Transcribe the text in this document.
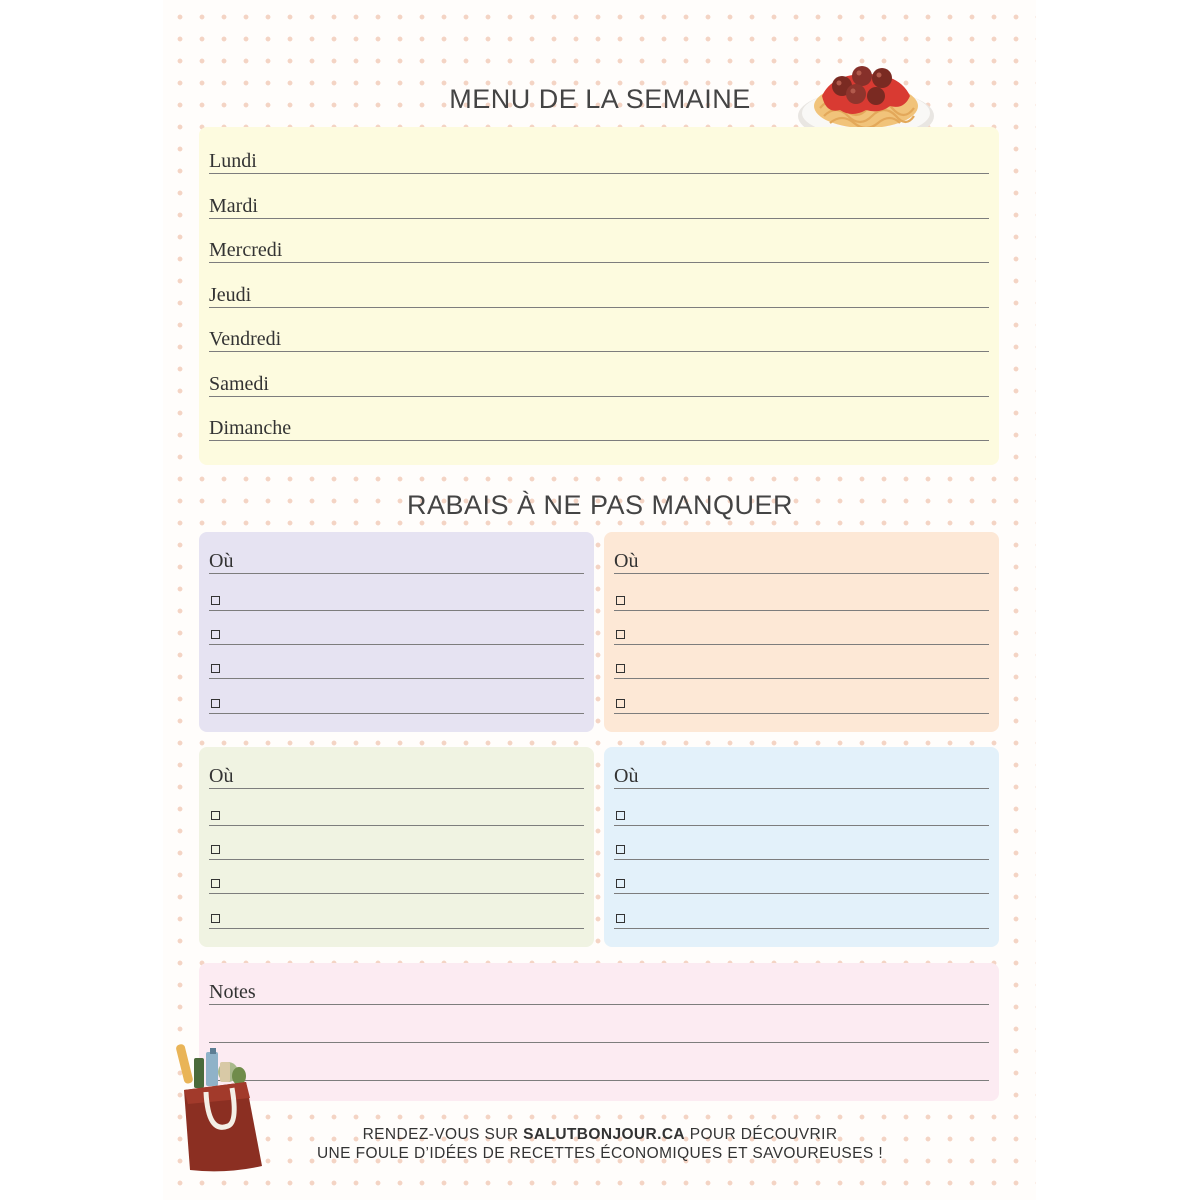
MENU DE LA SEMAINE
Lundi
Mardi
Mercredi
Jeudi
Vendredi
Samedi
Dimanche
RABAIS À NE PAS MANQUER
Où	Où
Où	Où
Notes
RENDEZ-VOUS SUR SALUTBONJOUR.CA POUR DÉCOUVRIR
UNE FOULE D’IDÉES DE RECETTES ÉCONOMIQUES ET SAVOUREUSES !
